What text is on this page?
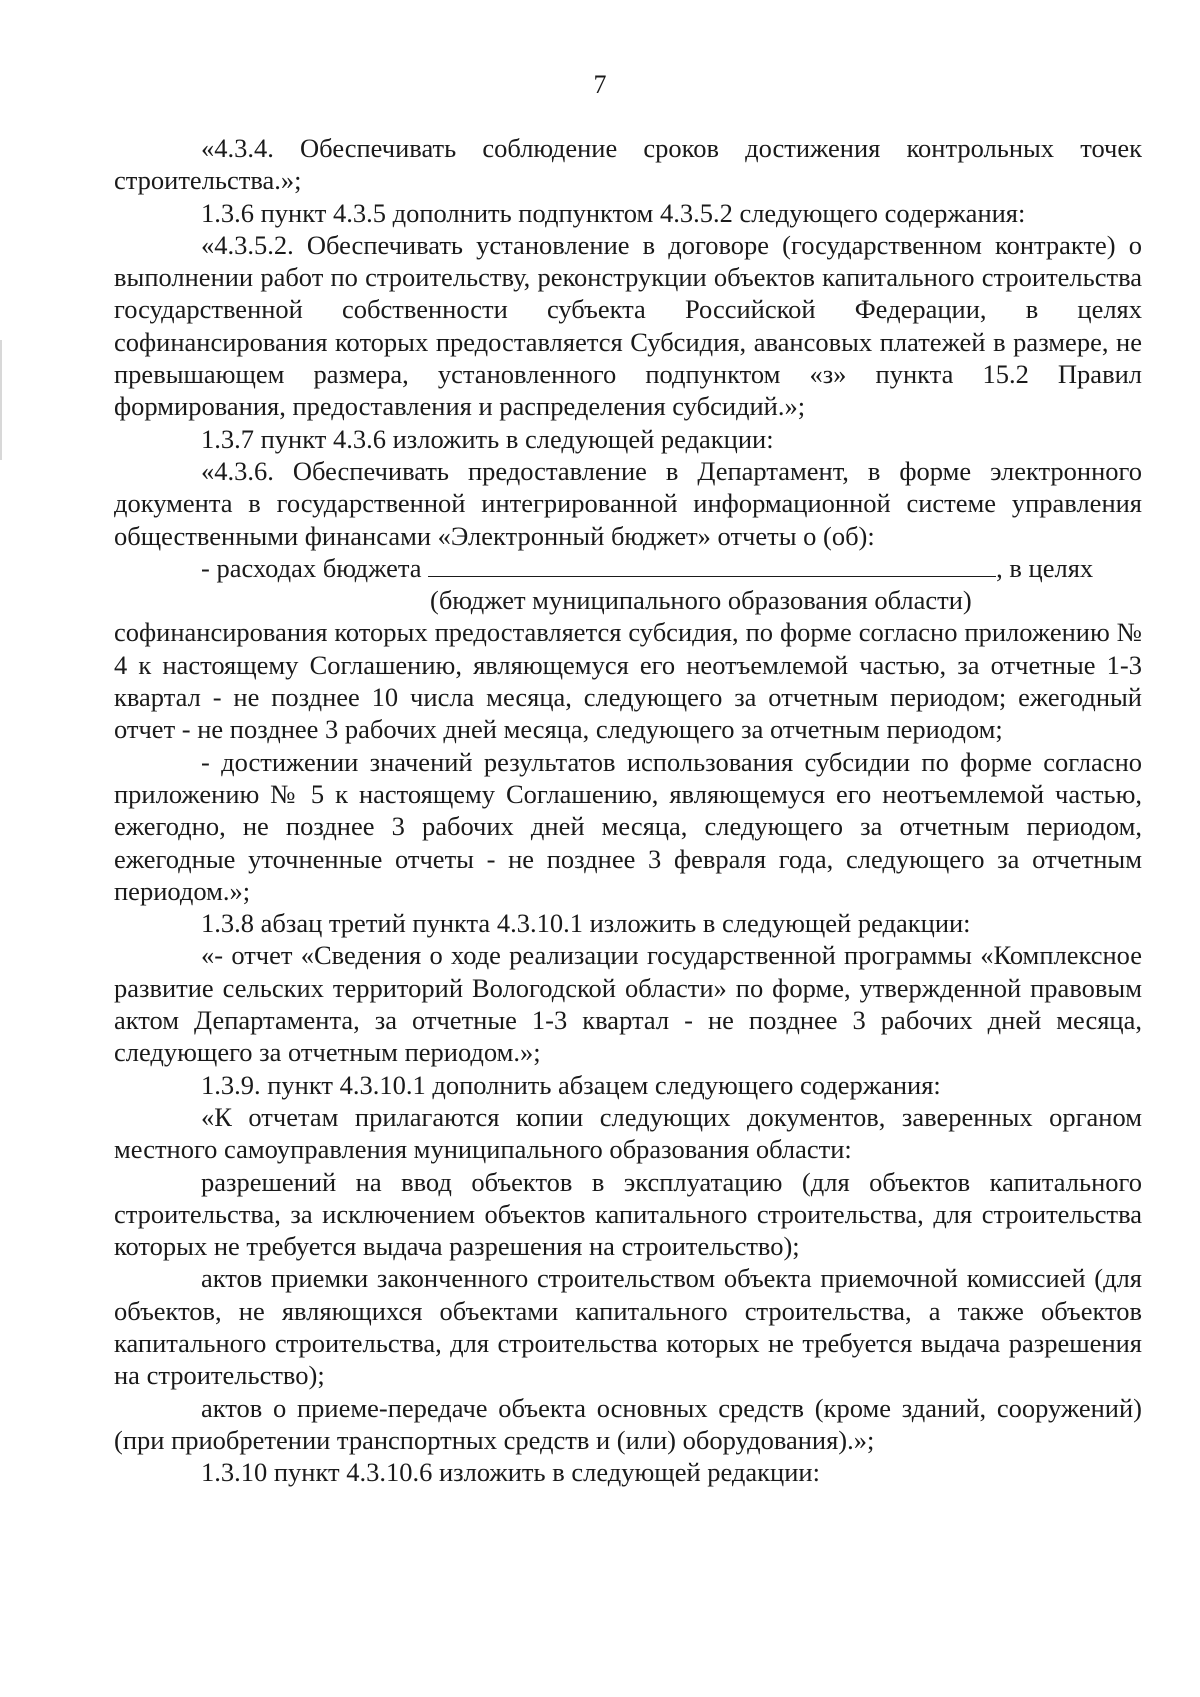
7

«4.3.4. Обеспечивать соблюдение сроков достижения контрольных точек строительства.»;

1.3.6 пункт 4.3.5 дополнить подпунктом 4.3.5.2 следующего содержания:

«4.3.5.2. Обеспечивать установление в договоре (государственном контракте) о выполнении работ по строительству, реконструкции объектов капитального строительства государственной собственности субъекта Российской Федерации, в целях софинансирования которых предоставляется Субсидия, авансовых платежей в размере, не превышающем размера, установленного подпунктом «з» пункта 15.2 Правил формирования, предоставления и распределения субсидий.»;

1.3.7 пункт 4.3.6 изложить в следующей редакции:

«4.3.6. Обеспечивать предоставление в Департамент, в форме электронного документа в государственной интегрированной информационной системе управления общественными финансами «Электронный бюджет» отчеты о (об):

- расходах бюджета	, в целях

(бюджет муниципального образования области)

софинансирования которых предоставляется субсидия, по форме согласно приложению № 4 к настоящему Соглашению, являющемуся его неотъемлемой частью, за отчетные 1-3 квартал - не позднее 10 числа месяца, следующего за отчетным периодом; ежегодный отчет - не позднее 3 рабочих дней месяца, следующего за отчетным периодом;

- достижении значений результатов использования субсидии по форме согласно приложению № 5 к настоящему Соглашению, являющемуся его неотъемлемой частью, ежегодно, не позднее 3 рабочих дней месяца, следующего за отчетным периодом, ежегодные уточненные отчеты - не позднее 3 февраля года, следующего за отчетным периодом.»;

1.3.8 абзац третий пункта 4.3.10.1 изложить в следующей редакции:

«- отчет «Сведения о ходе реализации государственной программы «Комплексное развитие сельских территорий Вологодской области» по форме, утвержденной правовым актом Департамента, за отчетные 1-3 квартал - не позднее 3 рабочих дней месяца, следующего за отчетным периодом.»;

1.3.9. пункт 4.3.10.1 дополнить абзацем следующего содержания:

«К отчетам прилагаются копии следующих документов, заверенных органом местного самоуправления муниципального образования области:

разрешений на ввод объектов в эксплуатацию (для объектов капитального строительства, за исключением объектов капитального строительства, для строительства которых не требуется выдача разрешения на строительство);

актов приемки законченного строительством объекта приемочной комиссией (для объектов, не являющихся объектами капитального строительства, а также объектов капитального строительства, для строительства которых не требуется выдача разрешения на строительство);

актов о приеме-передаче объекта основных средств (кроме зданий, сооружений) (при приобретении транспортных средств и (или) оборудования).»;

1.3.10 пункт 4.3.10.6 изложить в следующей редакции:
